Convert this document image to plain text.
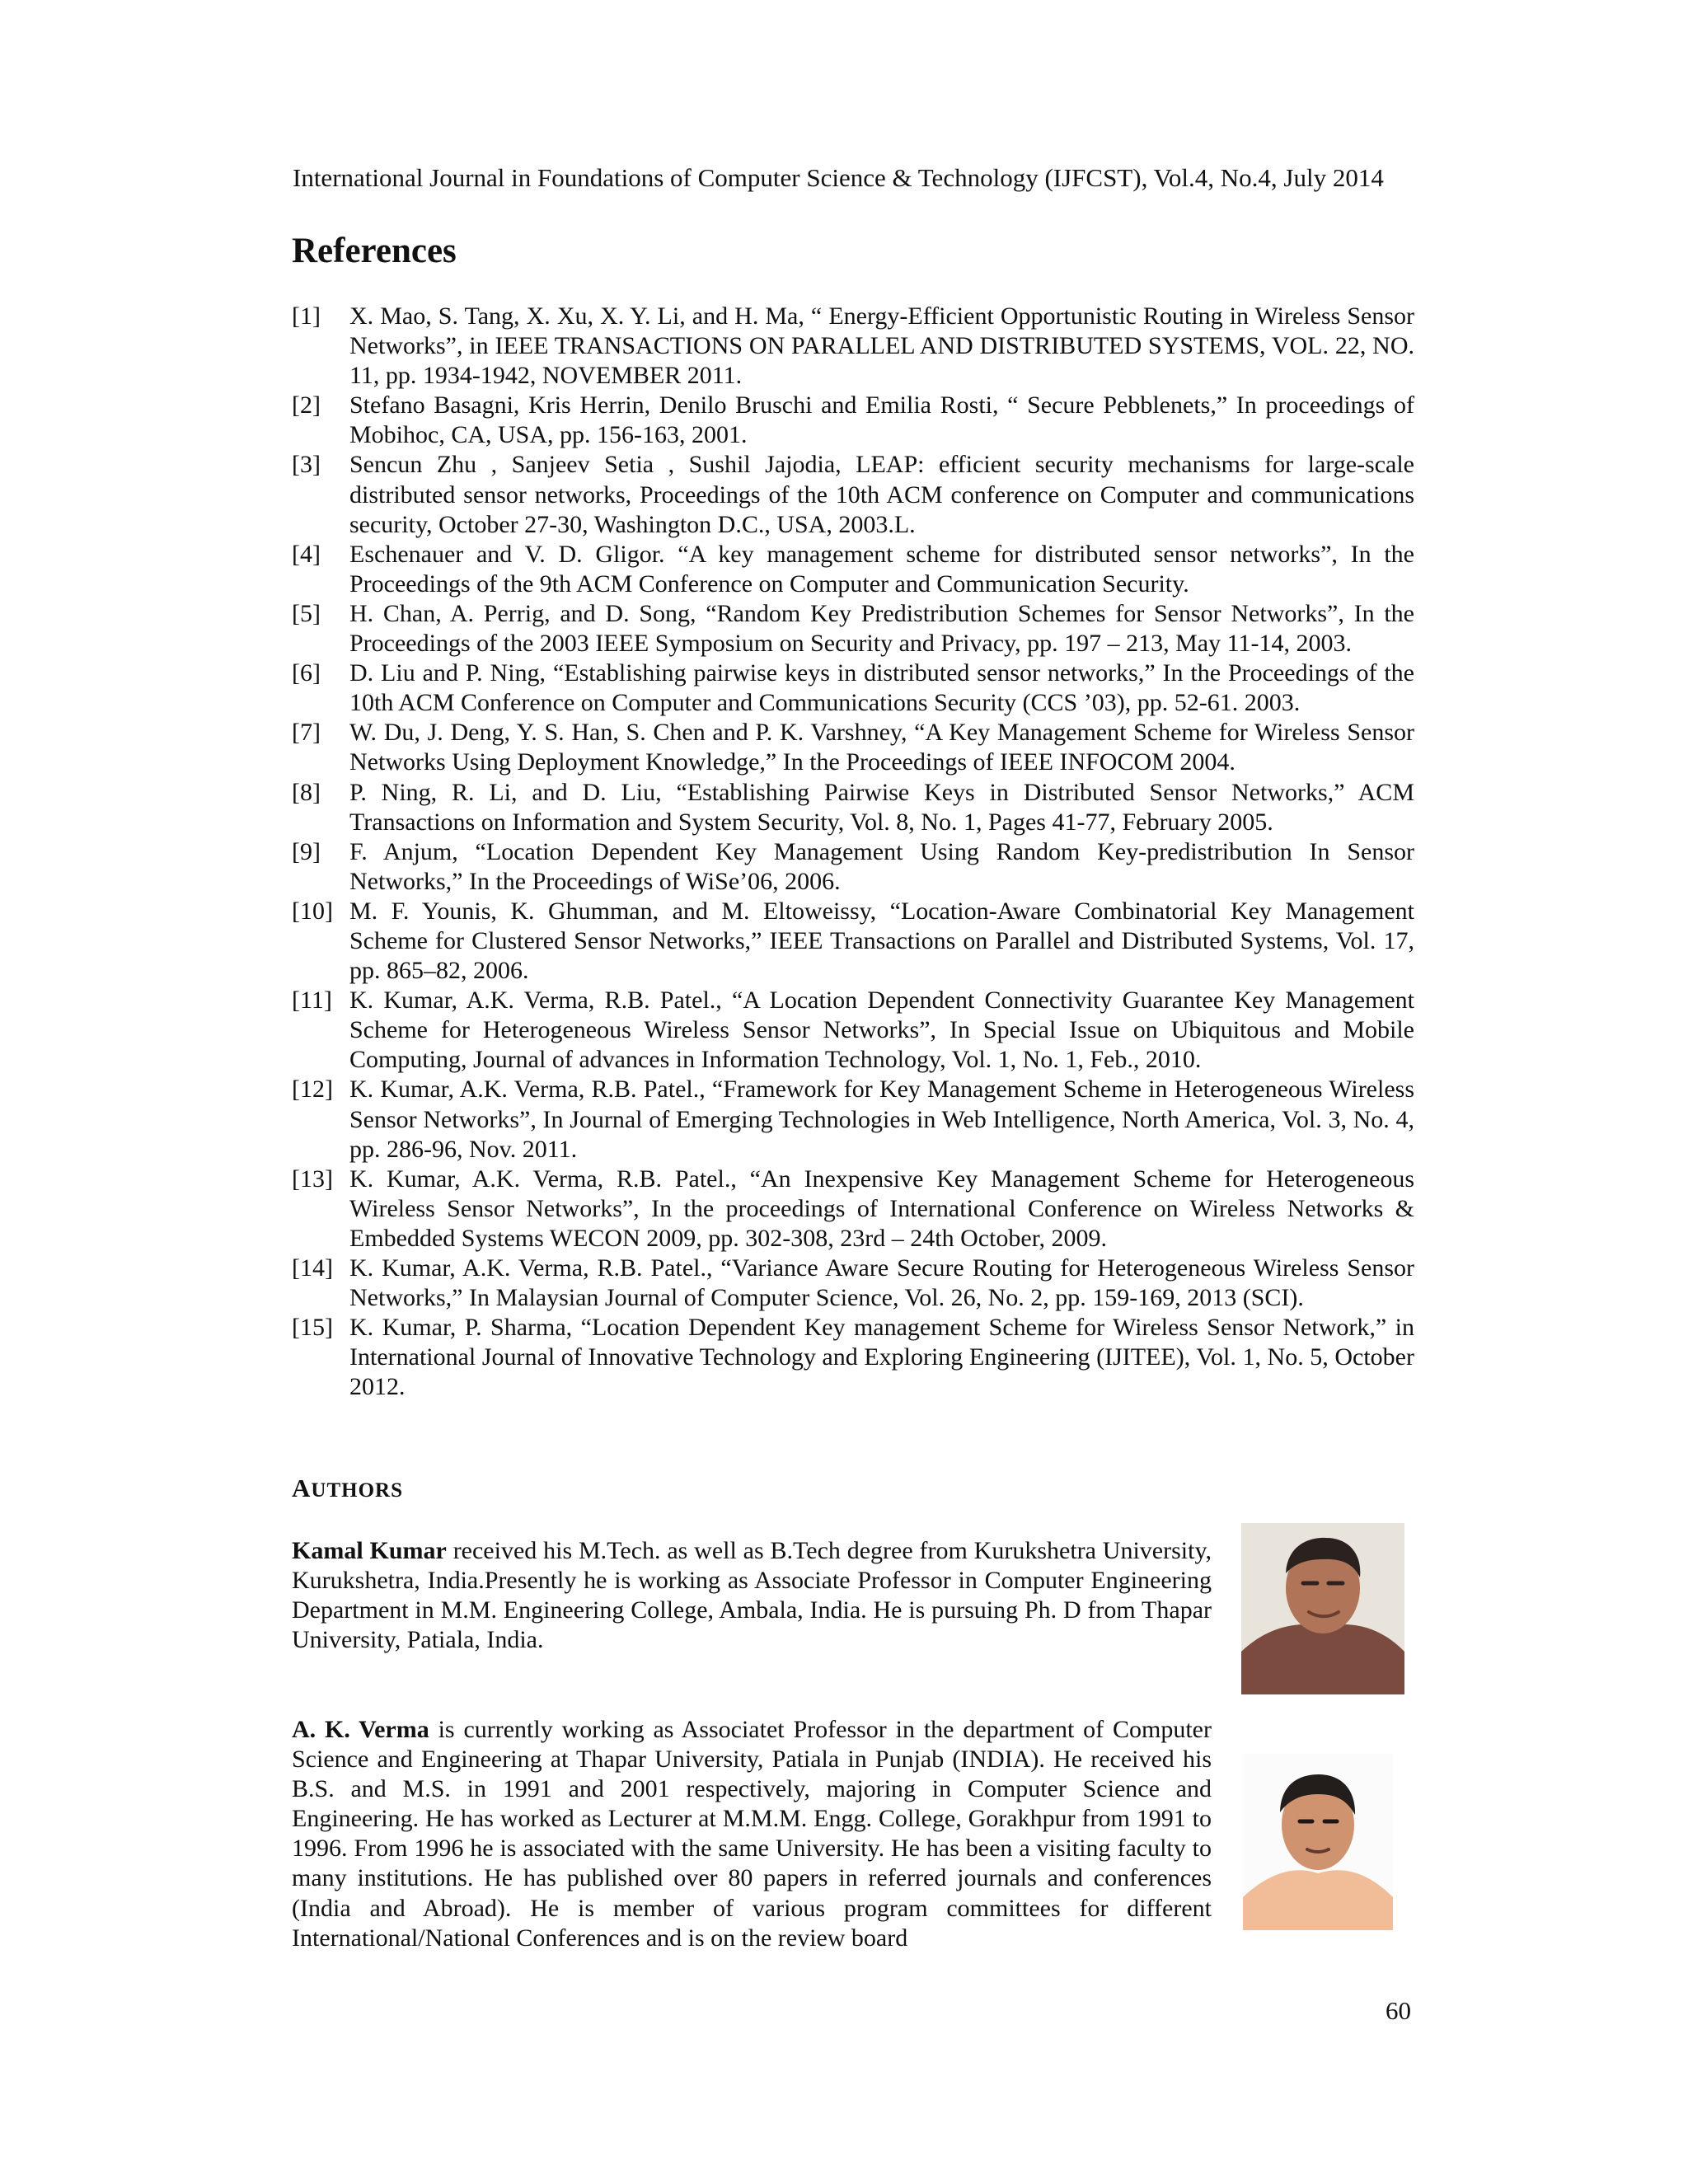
International Journal in Foundations of Computer Science & Technology (IJFCST), Vol.4, No.4, July 2014
References
[1]	X. Mao, S. Tang, X. Xu, X. Y. Li, and H. Ma, “ Energy-Efficient Opportunistic Routing in Wireless Sensor Networks”, in IEEE TRANSACTIONS ON PARALLEL AND DISTRIBUTED SYSTEMS, VOL. 22, NO. 11, pp. 1934-1942, NOVEMBER 2011.
[2]	Stefano Basagni, Kris Herrin, Denilo Bruschi and Emilia Rosti, “ Secure Pebblenets,” In proceedings of Mobihoc, CA, USA, pp. 156-163, 2001.
[3]	Sencun Zhu , Sanjeev Setia , Sushil Jajodia, LEAP: efficient security mechanisms for large-scale distributed sensor networks, Proceedings of the 10th ACM conference on Computer and communications security, October 27-30, Washington D.C., USA, 2003.L.
[4]	Eschenauer and V. D. Gligor. “A key management scheme for distributed sensor networks”, In the Proceedings of the 9th ACM Conference on Computer and Communication Security.
[5]	H. Chan, A. Perrig, and D. Song, “Random Key Predistribution Schemes for Sensor Networks”, In the Proceedings of the 2003 IEEE Symposium on Security and Privacy, pp. 197 – 213, May 11-14, 2003.
[6]	D. Liu and P. Ning, “Establishing pairwise keys in distributed sensor networks,” In the Proceedings of the 10th ACM Conference on Computer and Communications Security (CCS ’03), pp. 52-61. 2003.
[7]	W. Du, J. Deng, Y. S. Han, S. Chen and P. K. Varshney, “A Key Management Scheme for Wireless Sensor Networks Using Deployment Knowledge,” In the Proceedings of IEEE INFOCOM 2004.
[8]	P. Ning, R. Li, and D. Liu, “Establishing Pairwise Keys in Distributed Sensor Networks,” ACM Transactions on Information and System Security, Vol. 8, No. 1, Pages 41-77, February 2005.
[9]	F. Anjum, “Location Dependent Key Management Using Random Key-predistribution In Sensor Networks,” In the Proceedings of WiSe’06, 2006.
[10] M. F. Younis, K. Ghumman, and M. Eltoweissy, “Location-Aware Combinatorial Key Management Scheme for Clustered Sensor Networks,” IEEE Transactions on Parallel and Distributed Systems, Vol. 17, pp. 865–82, 2006.
[11] K. Kumar, A.K. Verma, R.B. Patel., “A Location Dependent Connectivity Guarantee Key Management Scheme for Heterogeneous Wireless Sensor Networks”, In Special Issue on Ubiquitous and Mobile Computing, Journal of advances in Information Technology, Vol. 1, No. 1, Feb., 2010.
[12] K. Kumar, A.K. Verma, R.B. Patel., “Framework for Key Management Scheme in Heterogeneous Wireless Sensor Networks”, In Journal of Emerging Technologies in Web Intelligence, North America, Vol. 3, No. 4, pp. 286-96, Nov. 2011.
[13] K. Kumar, A.K. Verma, R.B. Patel., “An Inexpensive Key Management Scheme for Heterogeneous Wireless Sensor Networks”, In the proceedings of International Conference on Wireless Networks & Embedded Systems WECON 2009, pp. 302-308, 23rd – 24th October, 2009.
[14] K. Kumar, A.K. Verma, R.B. Patel., “Variance Aware Secure Routing for Heterogeneous Wireless Sensor Networks,” In Malaysian Journal of Computer Science, Vol. 26, No. 2, pp. 159-169, 2013 (SCI).
[15] K. Kumar, P. Sharma, “Location Dependent Key management Scheme for Wireless Sensor Network,” in International Journal of Innovative Technology and Exploring Engineering (IJITEE), Vol. 1, No. 5, October 2012.
AUTHORS

Kamal Kumar received his M.Tech. as well as B.Tech degree from Kurukshetra University, Kurukshetra, India.Presently he is working as Associate Professor in Computer Engineering Department in M.M. Engineering College, Ambala, India. He is pursuing Ph. D from Thapar University, Patiala, India.

A. K. Verma is currently working as Associatet Professor in the department of Computer Science and Engineering at Thapar University, Patiala in Punjab (INDIA). He received his B.S. and M.S. in 1991 and 2001 respectively, majoring in Computer Science and Engineering. He has worked as Lecturer at M.M.M. Engg. College, Gorakhpur from 1991 to 1996. From 1996 he is associated with the same University. He has been a visiting faculty to many institutions. He has published over 80 papers in referred journals and conferences (India and Abroad). He is member of various program committees for different International/National Conferences and is on the review board

60
